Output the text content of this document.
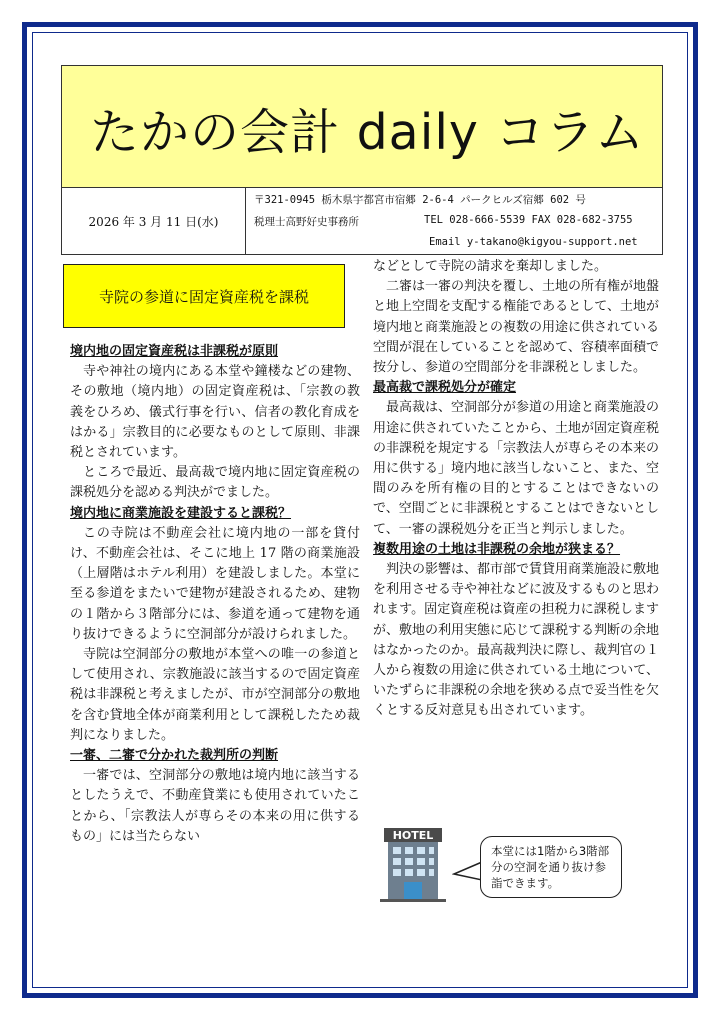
たかの会計 daily コラム
2026 年 3 月 11 日(水)
〒321-0945 栃木県宇都宮市宿郷 2-6-4 パークヒルズ宿郷 602 号
税理士高野好史事務所	TEL 028-666-5539 FAX 028-682-3755
Email y-takano@kigyou-support.net
寺院の参道に固定資産税を課税
境内地の固定資産税は非課税が原則
寺や神社の境内にある本堂や鐘楼などの建物、その敷地（境内地）の固定資産税は、「宗教の教義をひろめ、儀式行事を行い、信者の教化育成をはかる」宗教目的に必要なものとして原則、非課税とされています。
ところで最近、最高裁で境内地に固定資産税の課税処分を認める判決がでました。
境内地に商業施設を建設すると課税？
この寺院は不動産会社に境内地の一部を貸付け、不動産会社は、そこに地上 17 階の商業施設（上層階はホテル利用）を建設しました。本堂に至る参道をまたいで建物が建設されるため、建物の１階から３階部分には、参道を通って建物を通り抜けできるように空洞部分が設けられました。
寺院は空洞部分の敷地が本堂への唯一の参道として使用され、宗教施設に該当するので固定資産税は非課税と考えましたが、市が空洞部分の敷地を含む貸地全体が商業利用として課税したため裁判になりました。
一審、二審で分かれた裁判所の判断
一審では、空洞部分の敷地は境内地に該当するとしたうえで、不動産貸業にも使用されていたことから、「宗教法人が専らその本来の用に供するもの」には当たらない
などとして寺院の請求を棄却しました。
二審は一審の判決を覆し、土地の所有権が地盤と地上空間を支配する権能であるとして、土地が境内地と商業施設との複数の用途に供されている空間が混在していることを認めて、容積率面積で按分し、参道の空間部分を非課税としました。
最高裁で課税処分が確定
最高裁は、空洞部分が参道の用途と商業施設の用途に供されていたことから、土地が固定資産税の非課税を規定する「宗教法人が専らその本来の用に供する」境内地に該当しないこと、また、空間のみを所有権の目的とすることはできないので、空間ごとに非課税とすることはできないとして、一審の課税処分を正当と判示しました。
複数用途の土地は非課税の余地が狭まる？
判決の影響は、都市部で賃貸用商業施設に敷地を利用させる寺や神社などに波及するものと思われます。固定資産税は資産の担税力に課税しますが、敷地の利用実態に応じて課税する判断の余地はなかったのか。最高裁判決に際し、裁判官の１人から複数の用途に供されている土地について、いたずらに非課税の余地を狭める点で妥当性を欠くとする反対意見も出されています。
HOTEL
本堂には1階から3階部分の空洞を通り抜け参詣できます。
